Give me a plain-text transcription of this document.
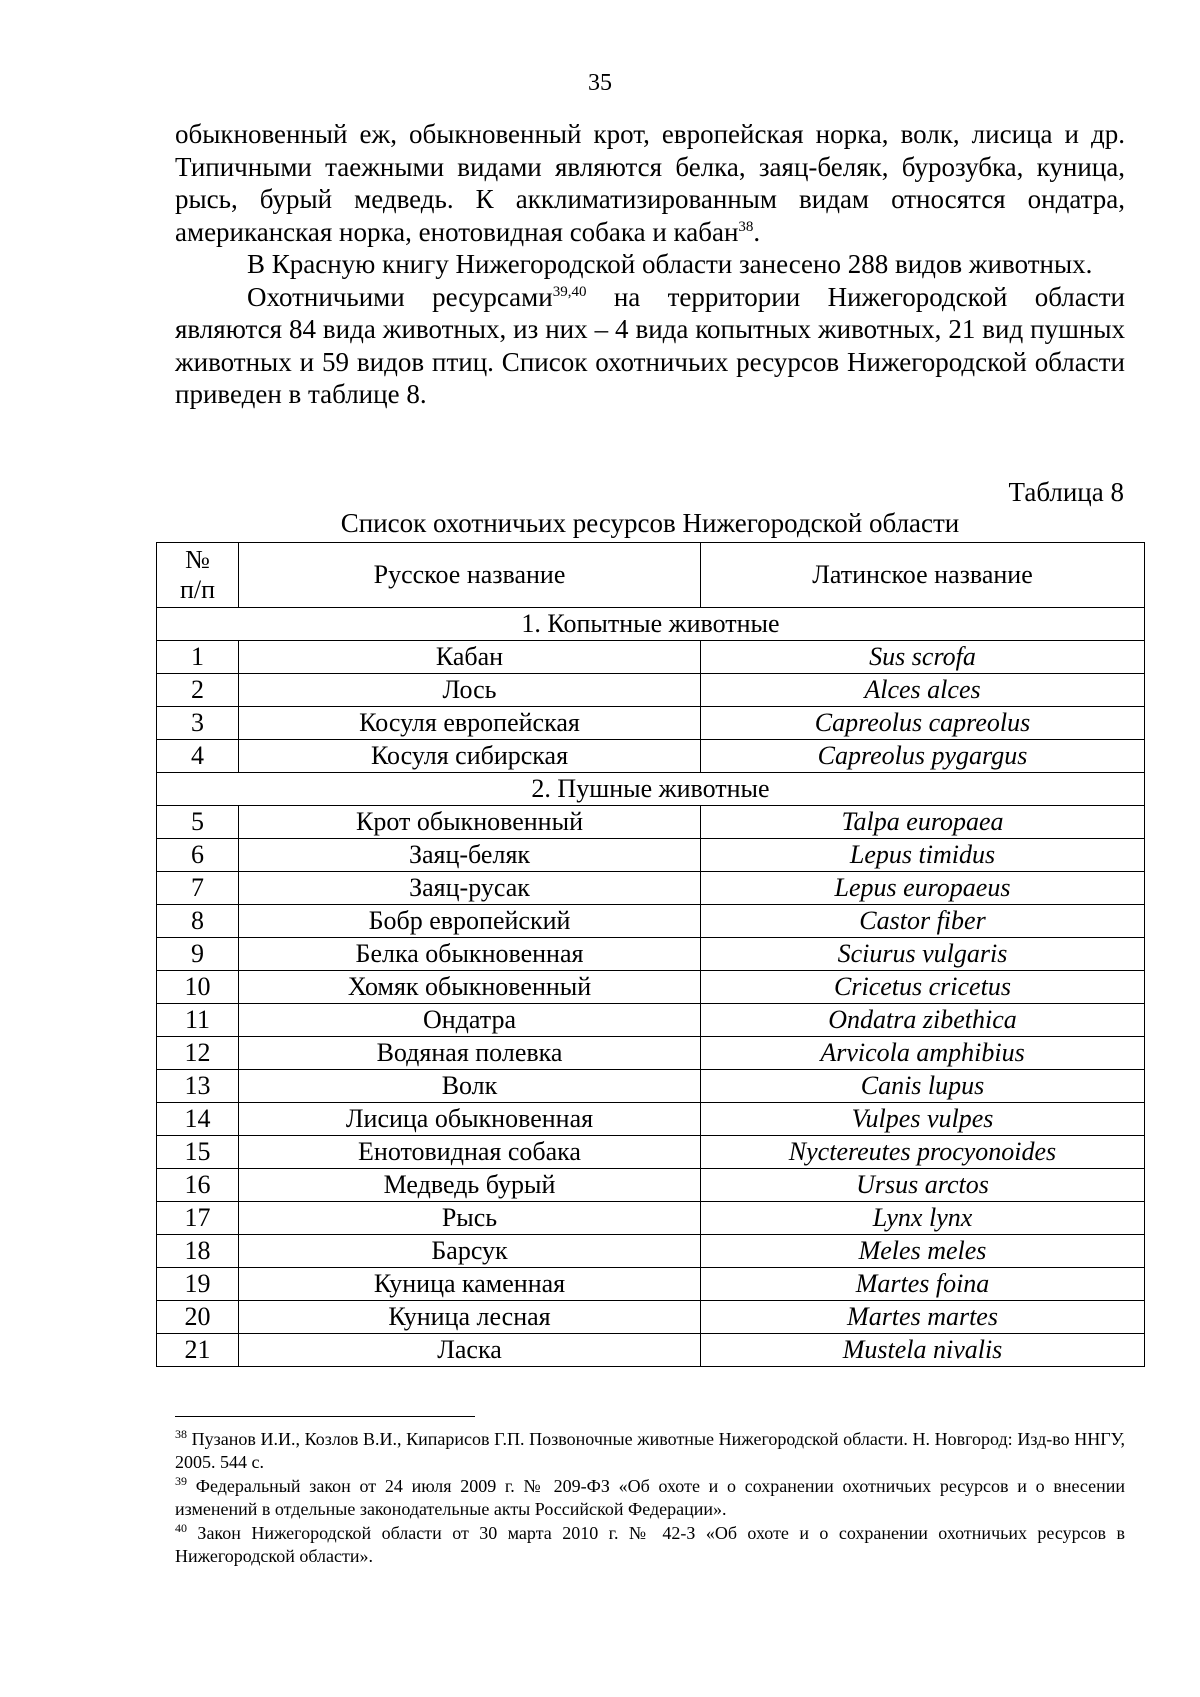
35

обыкновенный еж, обыкновенный крот, европейская норка, волк, лисица и др. Типичными таежными видами являются белка, заяц-беляк, бурозубка, куница, рысь, бурый медведь. К акклиматизированным видам относятся ондатра, американская норка, енотовидная собака и кабан$^{38}$.

В Красную книгу Нижегородской области занесено 288 видов животных.

Охотничьими ресурсами$^{39,40}$ на территории Нижегородской области являются 84 вида животных, из них – 4 вида копытных животных, 21 вид пушных животных и 59 видов птиц. Список охотничьих ресурсов Нижегородской области приведен в таблице 8.

Таблица 8
Список охотничьих ресурсов Нижегородской области
№
п/п	Русское название	Латинское название
1. Копытные животные		
1	Кабан	Sus scrofa
2	Лось	Alces alces
3	Косуля европейская	Capreolus capreolus
4	Косуля сибирская	Capreolus pygargus
2. Пушные животные		
5	Крот обыкновенный	Talpa europaea
6	Заяц-беляк	Lepus timidus
7	Заяц-русак	Lepus europaeus
8	Бобр европейский	Castor fiber
9	Белка обыкновенная	Sciurus vulgaris
10	Хомяк обыкновенный	Cricetus cricetus
11	Ондатра	Ondatra zibethica
12	Водяная полевка	Arvicola amphibius
13	Волк	Canis lupus
14	Лисица обыкновенная	Vulpes vulpes
15	Енотовидная собака	Nyctereutes procyonoides
16	Медведь бурый	Ursus arctos
17	Рысь	Lynx lynx
18	Барсук	Meles meles
19	Куница каменная	Martes foina
20	Куница лесная	Martes martes
21	Ласка	Mustela nivalis

$^{38}$ Пузанов И.И., Козлов В.И., Кипарисов Г.П. Позвоночные животные Нижегородской области. Н. Новгород: Изд-во ННГУ, 2005. 544 с.

$^{39}$ Федеральный закон от 24 июля 2009 г. № 209-ФЗ «Об охоте и о сохранении охотничьих ресурсов и о внесении изменений в отдельные законодательные акты Российской Федерации».

$^{40}$ Закон Нижегородской области от 30 марта 2010 г. № 42-З «Об охоте и о сохранении охотничьих ресурсов в Нижегородской области».
